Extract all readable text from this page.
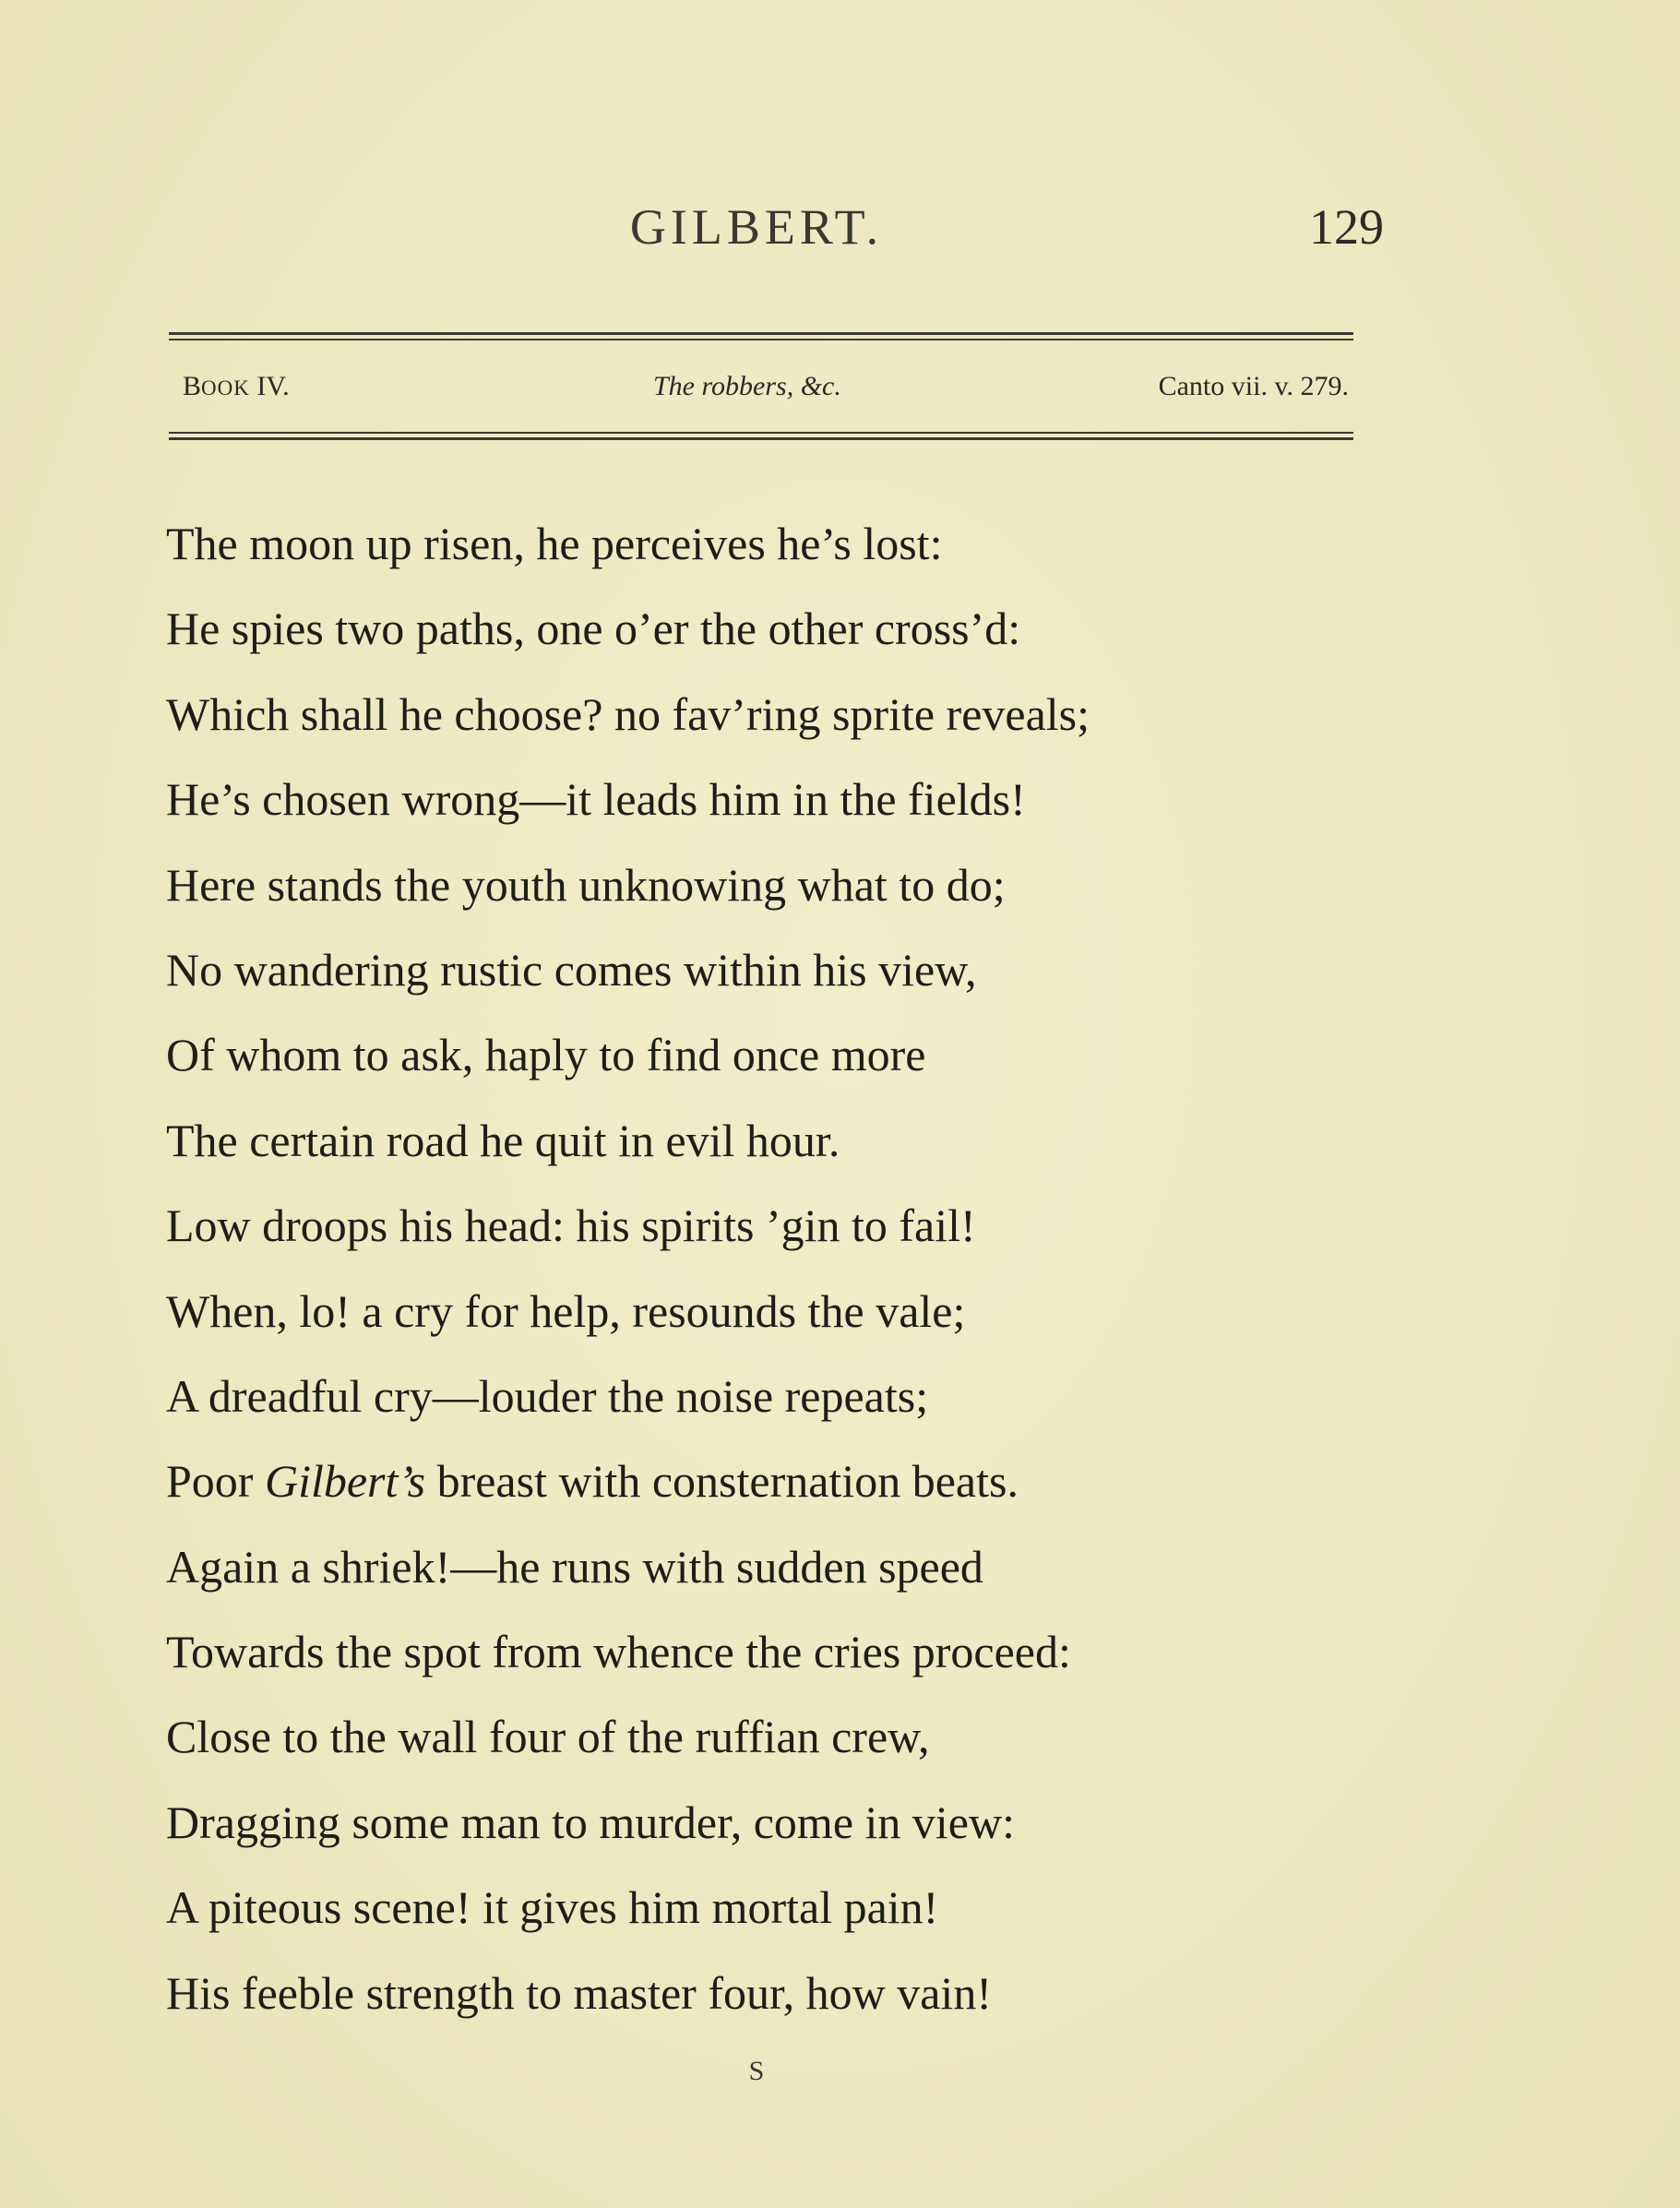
GILBERT.	129
BOOK IV.	The robbers, &c.	Canto vii. v. 279.
The moon up risen, he perceives he’s lost:
He spies two paths, one o’er the other cross’d:
Which shall he choose? no fav’ring sprite reveals;
He’s chosen wrong—it leads him in the fields!
Here stands the youth unknowing what to do;
No wandering rustic comes within his view,
Of whom to ask, haply to find once more
The certain road he quit in evil hour.
Low droops his head: his spirits ’gin to fail!
When, lo! a cry for help, resounds the vale;
A dreadful cry—louder the noise repeats;
Poor Gilbert’s breast with consternation beats.
Again a shriek!—he runs with sudden speed
Towards the spot from whence the cries proceed:
Close to the wall four of the ruffian crew,
Dragging some man to murder, come in view:
A piteous scene! it gives him mortal pain!
His feeble strength to master four, how vain!
S
